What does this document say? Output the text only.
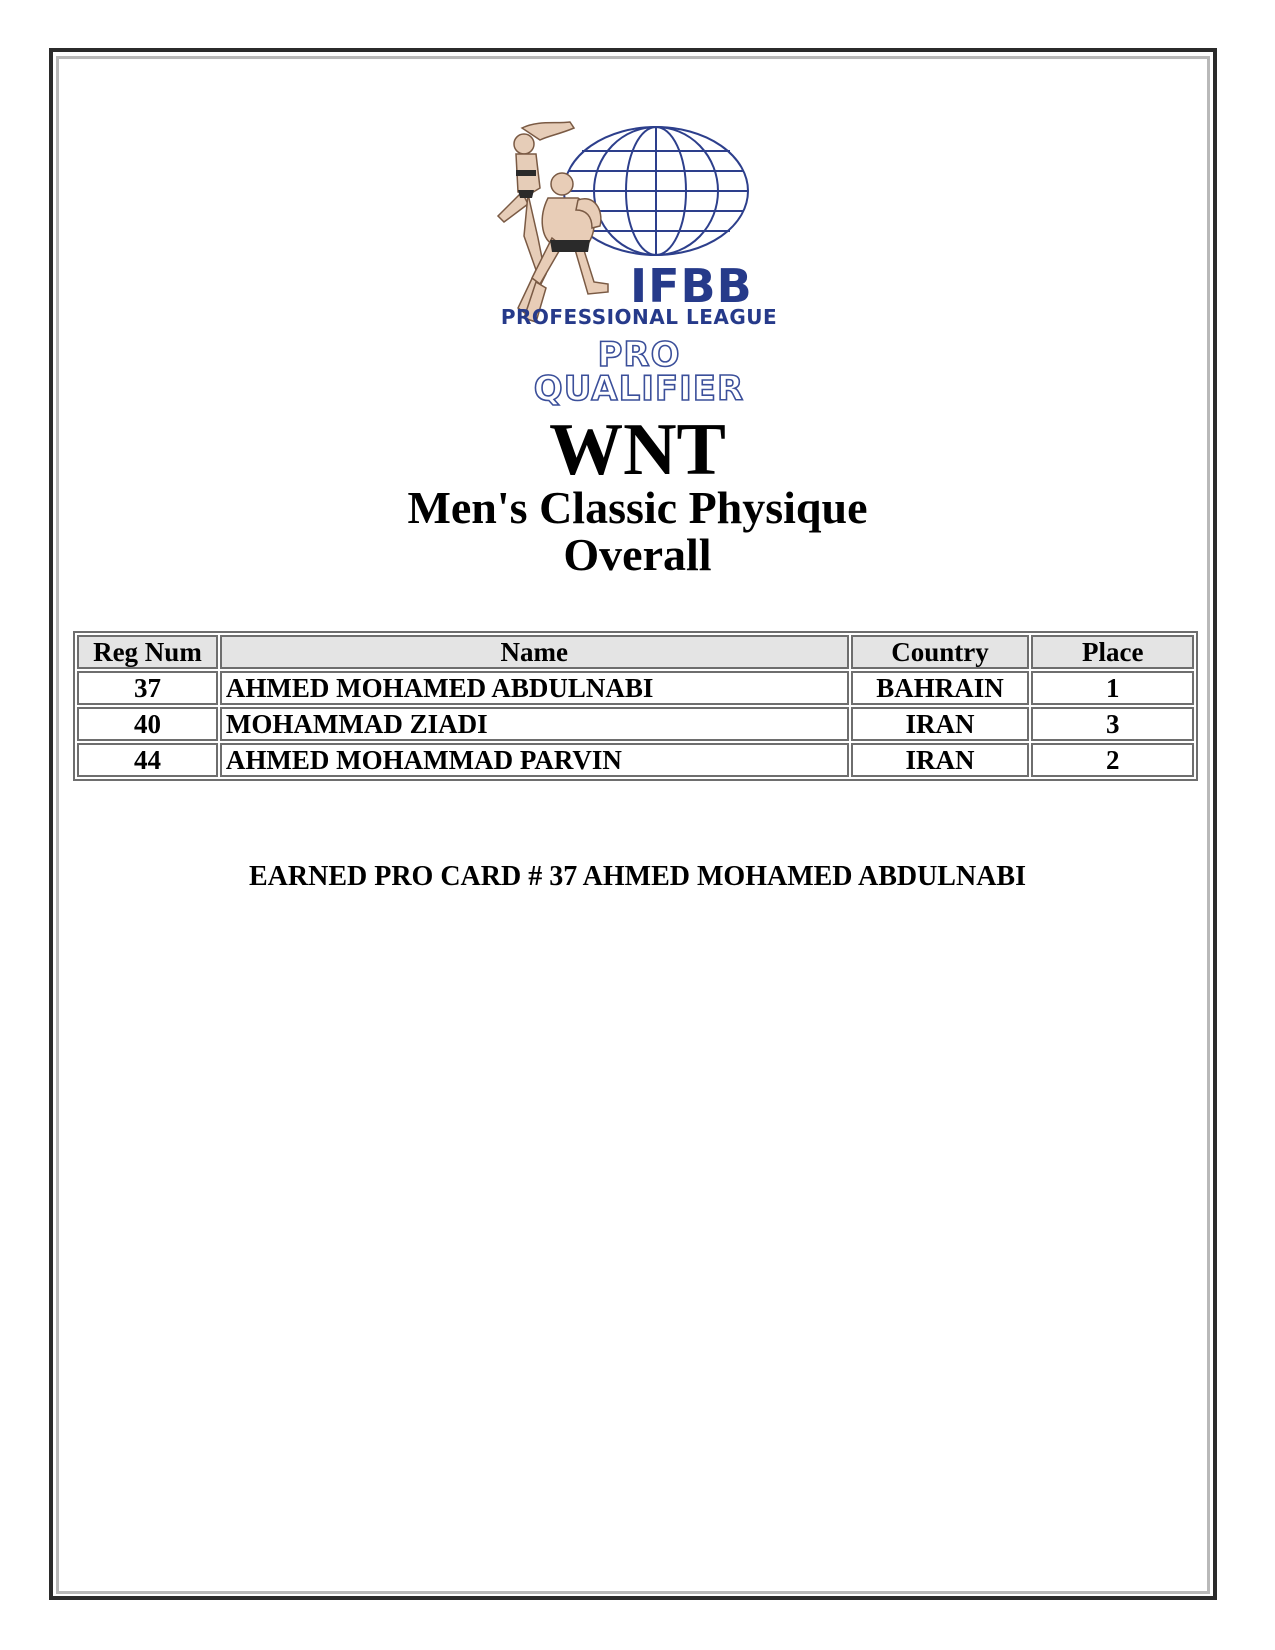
IFBB
PROFESSIONAL LEAGUE
PRO QUALIFIER
WNT
Men's Classic Physique
Overall
Reg Num	Name	Country	Place
37	AHMED MOHAMED ABDULNABI	BAHRAIN	1
40	MOHAMMAD ZIADI	IRAN	3
44	AHMED MOHAMMAD PARVIN	IRAN	2
EARNED PRO CARD # 37 AHMED MOHAMED ABDULNABI
